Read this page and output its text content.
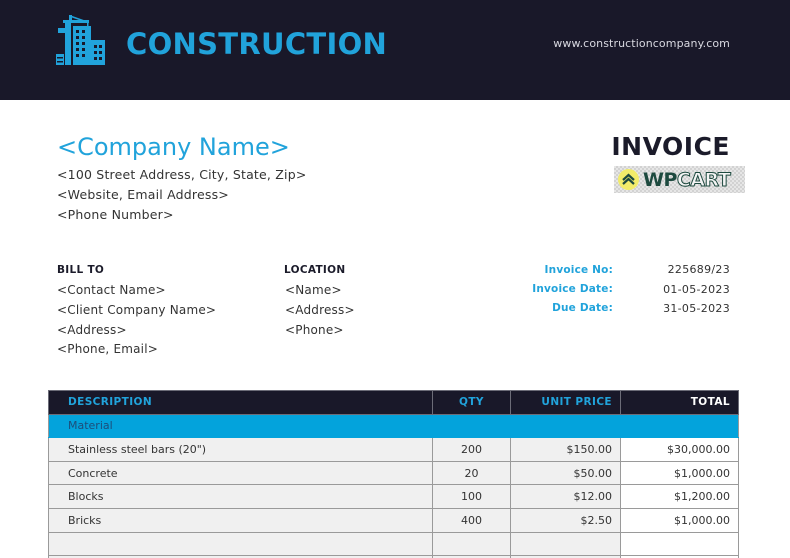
CONSTRUCTION	www.constructioncompany.com
<Company Name>
<100 Street Address, City, State, Zip>
<Website, Email Address>
<Phone Number>
INVOICE
WP CART
BILL TO
<Contact Name>
<Client Company Name>
<Address>
<Phone, Email>
LOCATION
<Name>
<Address>
<Phone>
Invoice No:	225689/23
Invoice Date:	01-05-2023
Due Date:	31-05-2023
DESCRIPTION	QTY	UNIT PRICE	TOTAL
Material			
Stainless steel bars (20")	200	$150.00	$30,000.00
Concrete	20	$50.00	$1,000.00
Blocks	100	$12.00	$1,200.00
Bricks	400	$2.50	$1,000.00
